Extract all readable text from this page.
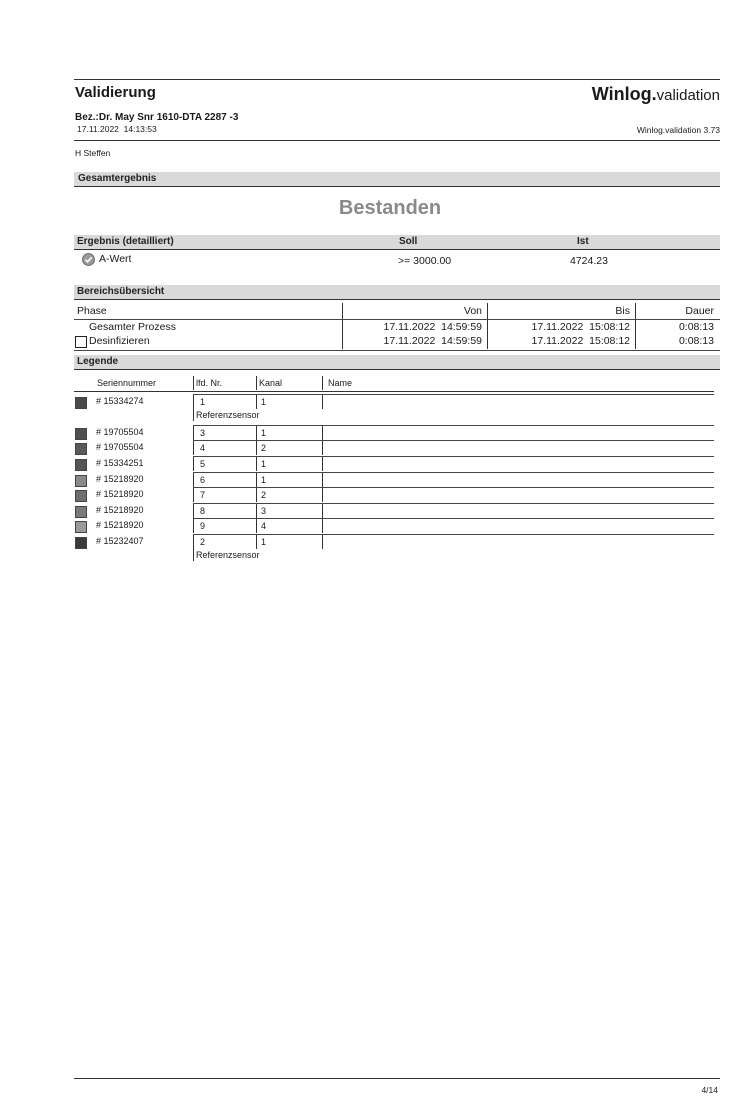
Validierung	Winlog.validation
Bez.:Dr. May Snr 1610-DTA 2287 -3
17.11.2022  14:13:53	Winlog.validation 3.73
H Steffen
Gesamtergebnis
Bestanden
Ergebnis (detailliert)	Soll	Ist
A-Wert	>= 3000.00	4724.23
Bereichsübersicht
Phase	Von	Bis	Dauer
Gesamter Prozess	17.11.2022  14:59:59	17.11.2022  15:08:12	0:08:13
Desinfizieren	17.11.2022  14:59:59	17.11.2022  15:08:12	0:08:13
Legende
Seriennummer	lfd. Nr.	Kanal	Name
# 15334274	1	1
Referenzsensor
# 19705504	3	1
# 19705504	4	2
# 15334251	5	1
# 15218920	6	1
# 15218920	7	2
# 15218920	8	3
# 15218920	9	4
# 15232407	2	1
Referenzsensor
4/14
